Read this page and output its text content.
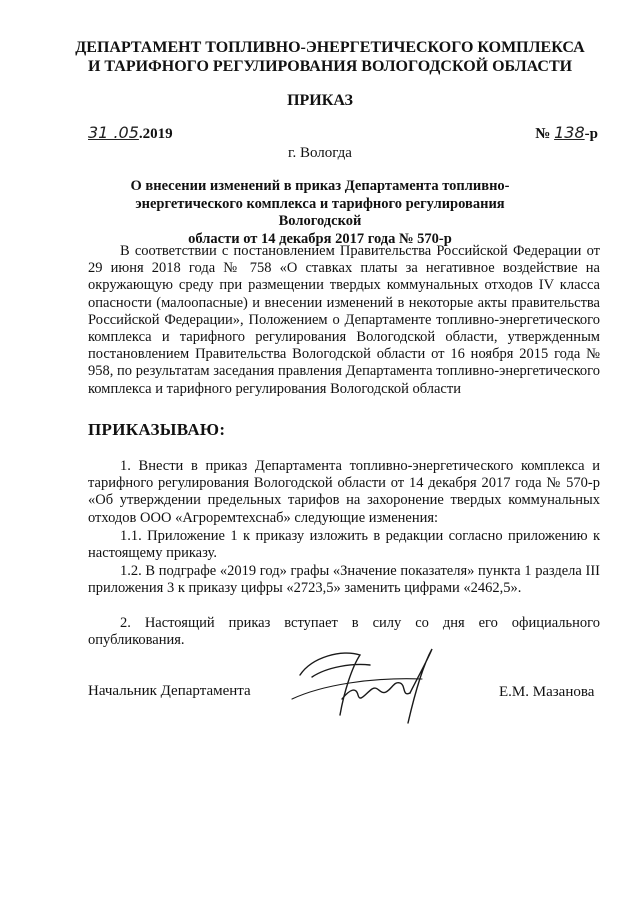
ДЕПАРТАМЕНТ ТОПЛИВНО-ЭНЕРГЕТИЧЕСКОГО КОМПЛЕКСА
И ТАРИФНОГО РЕГУЛИРОВАНИЯ ВОЛОГОДСКОЙ ОБЛАСТИ
ПРИКАЗ
31 .05.2019	№ 138-р
г. Вологда
О внесении изменений в приказ Департамента топливно-
энергетического комплекса и тарифного регулирования Вологодской
области от 14 декабря 2017 года № 570-р
В соответствии с постановлением Правительства Российской Федерации от 29 июня 2018 года № 758 «О ставках платы за негативное воздействие на окружающую среду при размещении твердых коммунальных отходов IV класса опасности (малоопасные) и внесении изменений в некоторые акты правительства Российской Федерации», Положением о Департаменте топливно-энергетического комплекса и тарифного регулирования Вологодской области, утвержденным постановлением Правительства Вологодской области от 16 ноября 2015 года № 958, по результатам заседания правления Департамента топливно-энергетического комплекса и тарифного регулирования Вологодской области
ПРИКАЗЫВАЮ:
1. Внести в приказ Департамента топливно-энергетического комплекса и тарифного регулирования Вологодской области от 14 декабря 2017 года № 570-р «Об утверждении предельных тарифов на захоронение твердых коммунальных отходов ООО «Агроремтехснаб» следующие изменения:
1.1. Приложение 1 к приказу изложить в редакции согласно приложению к настоящему приказу.
1.2. В подграфе «2019 год» графы «Значение показателя» пункта 1 раздела III приложения 3 к приказу цифры «2723,5» заменить цифрами «2462,5».
2. Настоящий приказ вступает в силу со дня его официального опубликования.
Начальник Департамента	Е.М. Мазанова
